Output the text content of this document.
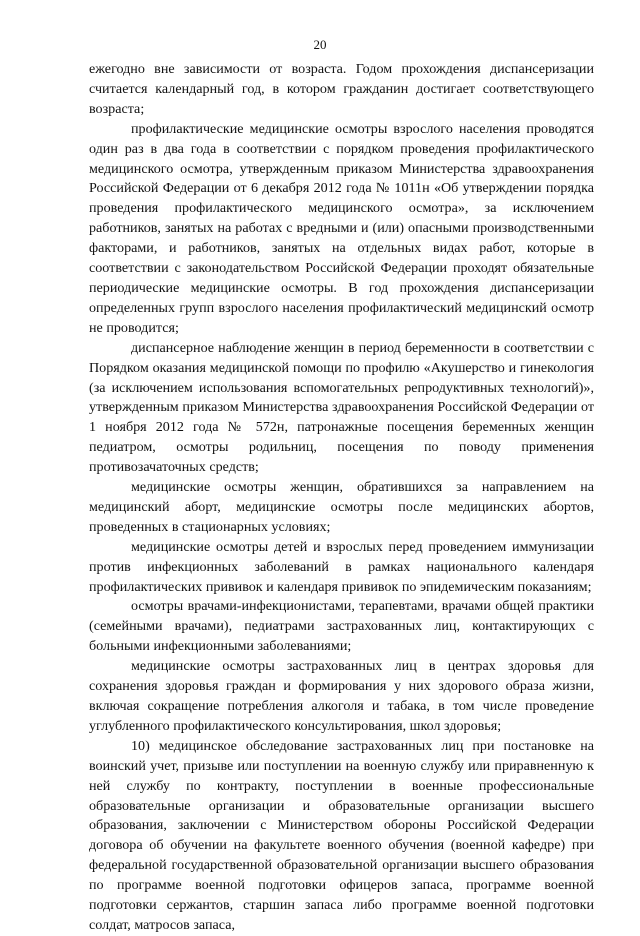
20

ежегодно вне зависимости от возраста. Годом прохождения диспансеризации считается календарный год, в котором гражданин достигает соответствующего возраста;

профилактические медицинские осмотры взрослого населения проводятся один раз в два года в соответствии с порядком проведения профилактического медицинского осмотра, утвержденным приказом Министерства здравоохранения Российской Федерации от 6 декабря 2012 года № 1011н «Об утверждении порядка проведения профилактического медицинского осмотра», за исключением работников, занятых на работах с вредными и (или) опасными производственными факторами, и работников, занятых на отдельных видах работ, которые в соответствии с законодательством Российской Федерации проходят обязательные периодические медицинские осмотры. В год прохождения диспансеризации определенных групп взрослого населения профилактический медицинский осмотр не проводится;

диспансерное наблюдение женщин в период беременности в соответствии с Порядком оказания медицинской помощи по профилю «Акушерство и гинекология (за исключением использования вспомогательных репродуктивных технологий)», утвержденным приказом Министерства здравоохранения Российской Федерации от 1 ноября 2012 года № 572н, патронажные посещения беременных женщин педиатром, осмотры родильниц, посещения по поводу применения противозачаточных средств;

медицинские осмотры женщин, обратившихся за направлением на медицинский аборт, медицинские осмотры после медицинских абортов, проведенных в стационарных условиях;

медицинские осмотры детей и взрослых перед проведением иммунизации против инфекционных заболеваний в рамках национального календаря профилактических прививок и календаря прививок по эпидемическим показаниям;

осмотры врачами-инфекционистами, терапевтами, врачами общей практики (семейными врачами), педиатрами застрахованных лиц, контактирующих с больными инфекционными заболеваниями;

медицинские осмотры застрахованных лиц в центрах здоровья для сохранения здоровья граждан и формирования у них здорового образа жизни, включая сокращение потребления алкоголя и табака, в том числе проведение углубленного профилактического консультирования, школ здоровья;

10) медицинское обследование застрахованных лиц при постановке на воинский учет, призыве или поступлении на военную службу или приравненную к ней службу по контракту, поступлении в военные профессиональные образовательные организации и образовательные организации высшего образования, заключении с Министерством обороны Российской Федерации договора об обучении на факультете военного обучения (военной кафедре) при федеральной государственной образовательной организации высшего образования по программе военной подготовки офицеров запаса, программе военной подготовки сержантов, старшин запаса либо программе военной подготовки солдат, матросов запаса,
